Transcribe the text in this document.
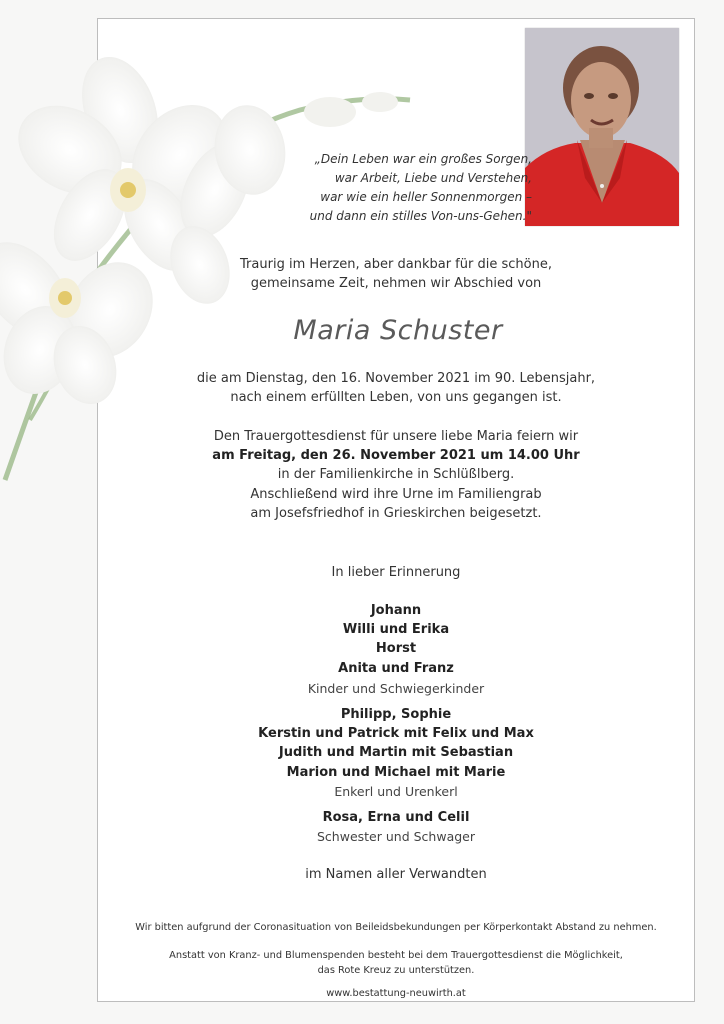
„Dein Leben war ein großes Sorgen,
war Arbeit, Liebe und Verstehen,
war wie ein heller Sonnenmorgen –
und dann ein stilles Von-uns-Gehen."
Traurig im Herzen, aber dankbar für die schöne,
gemeinsame Zeit, nehmen wir Abschied von
Maria Schuster
die am Dienstag, den 16. November 2021 im 90. Lebensjahr,
nach einem erfüllten Leben, von uns gegangen ist.
Den Trauergottesdienst für unsere liebe Maria feiern wir
am Freitag, den 26. November 2021 um 14.00 Uhr
in der Familienkirche in Schlüßlberg.
Anschließend wird ihre Urne im Familiengrab
am Josefsfriedhof in Grieskirchen beigesetzt.
In lieber Erinnerung
Johann
Willi und Erika
Horst
Anita und Franz
Kinder und Schwiegerkinder
Philipp, Sophie
Kerstin und Patrick mit Felix und Max
Judith und Martin mit Sebastian
Marion und Michael mit Marie
Enkerl und Urenkerl
Rosa, Erna und Celil
Schwester und Schwager
im Namen aller Verwandten
Wir bitten aufgrund der Coronasituation von Beileidsbekundungen per Körperkontakt Abstand zu nehmen.
Anstatt von Kranz- und Blumenspenden besteht bei dem Trauergottesdienst die Möglichkeit,
das Rote Kreuz zu unterstützen.
www.bestattung-neuwirth.at
